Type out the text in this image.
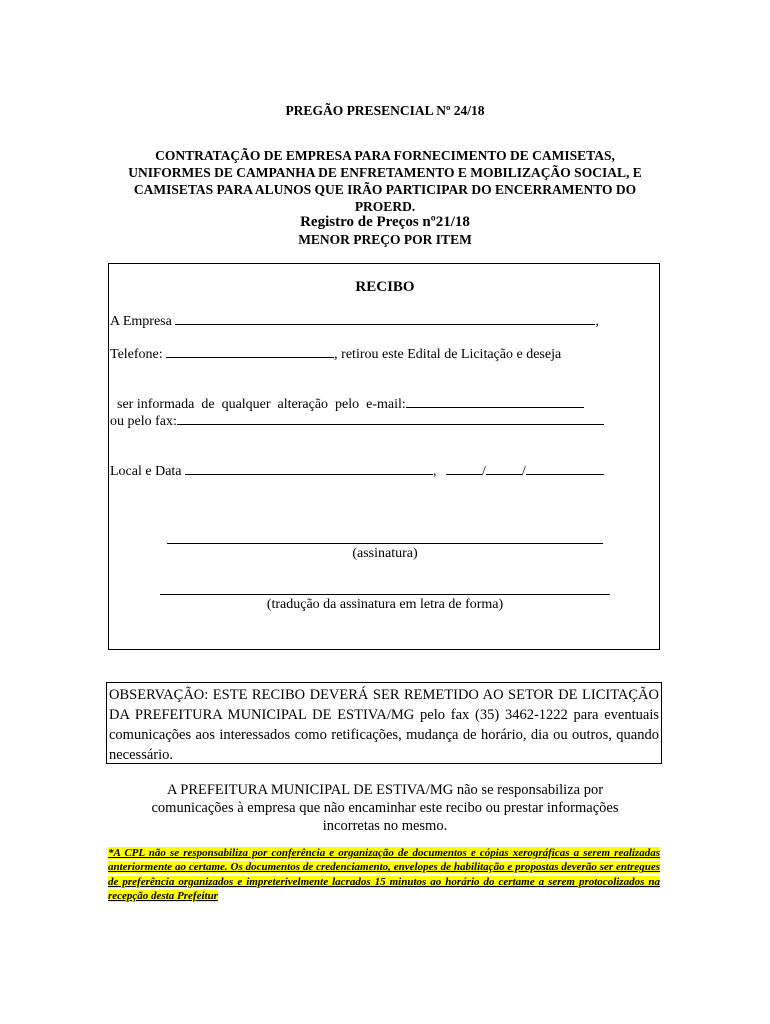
PREGÃO PRESENCIAL Nº 24/18
CONTRATAÇÃO DE EMPRESA PARA FORNECIMENTO DE CAMISETAS,
UNIFORMES DE CAMPANHA DE ENFRETAMENTO E MOBILIZAÇÃO SOCIAL, E
CAMISETAS PARA ALUNOS QUE IRÃO PARTICIPAR DO ENCERRAMENTO DO
PROERD.
Registro de Preços nº21/18
MENOR PREÇO POR ITEM
RECIBO
A Empresa	,
Telefone:	, retirou este Edital de Licitação e deseja

ser informada  de  qualquer  alteração  pelo  e-mail:

ou pelo fax:
Local e Data	,	/	/
(assinatura)
(tradução da assinatura em letra de forma)
OBSERVAÇÃO: ESTE RECIBO DEVERÁ SER REMETIDO AO SETOR DE LICITAÇÃO DA PREFEITURA MUNICIPAL DE ESTIVA/MG pelo fax (35) 3462-1222 para eventuais comunicações aos interessados como retificações, mudança de horário, dia ou outros, quando necessário.
A PREFEITURA MUNICIPAL DE ESTIVA/MG não se responsabiliza por
comunicações à empresa que não encaminhar este recibo ou prestar informações
incorretas no mesmo.
*A CPL não se responsabiliza por conferência e organização de documentos e cópias xerográficas a serem realizadas anteriormente ao certame. Os documentos de credenciamento, envelopes de habilitação e propostas deverão ser entregues de preferência organizados e impreterivelmente lacrados 15 minutos ao horário do certame a serem protocolizados na recepção desta Prefeitur
